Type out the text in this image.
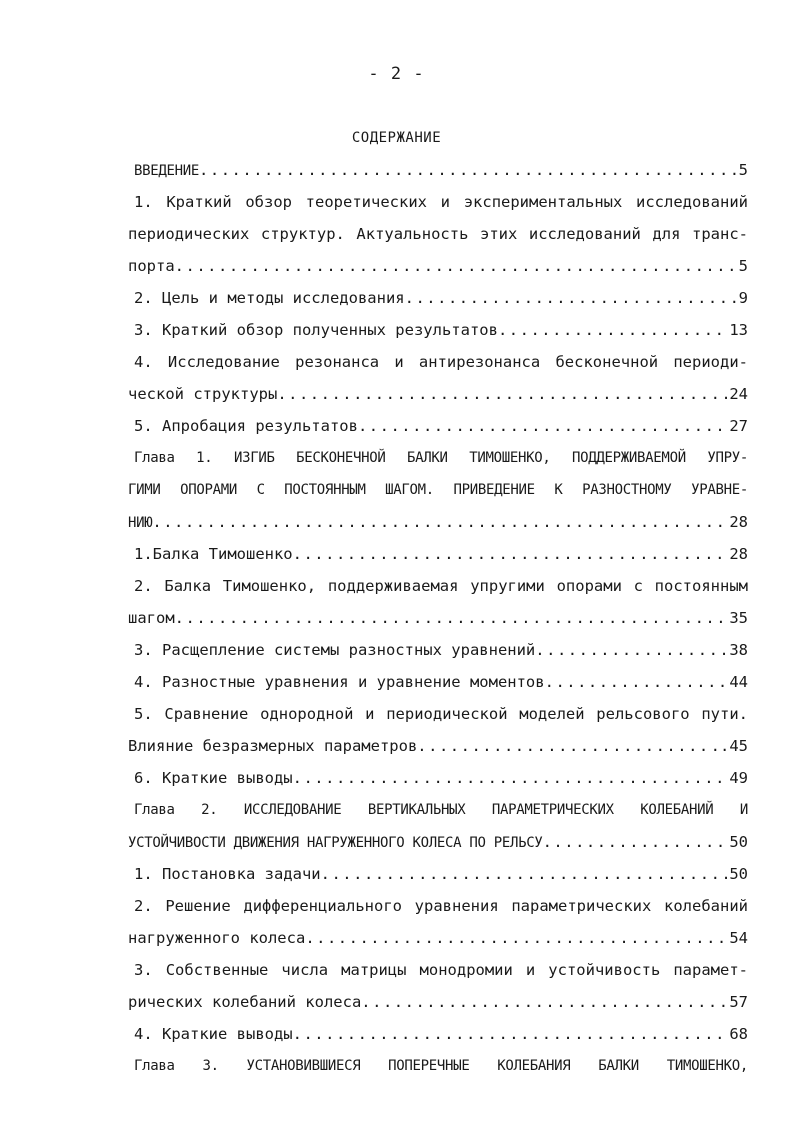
- 2 -
СОДЕРЖАНИЕ
ВВЕДЕНИЕ .....	5
1. Краткий обзор теоретических и экспериментальных исследований
периодических структур. Актуальность этих исследований для транс-
порта .....	5
2. Цель и методы исследования .....	9
3. Краткий обзор полученных результатов .....	13
4. Исследование резонанса и антирезонанса бесконечной периоди-
ческой структуры .....	24
5. Апробация результатов .....	27
Глава 1. ИЗГИБ БЕСКОНЕЧНОЙ БАЛКИ ТИМОШЕНКО, ПОДДЕРЖИВАЕМОЙ УПРУ-
ГИМИ ОПОРАМИ С ПОСТОЯННЫМ ШАГОМ. ПРИВЕДЕНИЕ К РАЗНОСТНОМУ УРАВНЕ-
НИЮ .....	28
1.Балка Тимошенко .....	28
2. Балка Тимошенко, поддерживаемая упругими опорами с постоянным
шагом .....	35
3. Расщепление системы разностных уравнений .....	38
4. Разностные уравнения и уравнение моментов .....	44
5. Сравнение однородной и периодической моделей рельсового пути.
Влияние безразмерных параметров .....	..45
6. Краткие выводы .....	49
Глава 2. ИССЛЕДОВАНИЕ ВЕРТИКАЛЬНЫХ ПАРАМЕТРИЧЕСКИХ КОЛЕБАНИЙ И
УСТОЙЧИВОСТИ ДВИЖЕНИЯ НАГРУЖЕННОГО КОЛЕСА ПО РЕЛЬСУ .....	50
1. Постановка задачи .....	50
2. Решение дифференциального уравнения параметрических колебаний
нагруженного колеса .....	54
3. Собственные числа матрицы монодромии и устойчивость парамет-
рических колебаний колеса .....	57
4. Краткие выводы .....	68
Глава 3. УСТАНОВИВШИЕСЯ ПОПЕРЕЧНЫЕ КОЛЕБАНИЯ БАЛКИ ТИМОШЕНКО,
